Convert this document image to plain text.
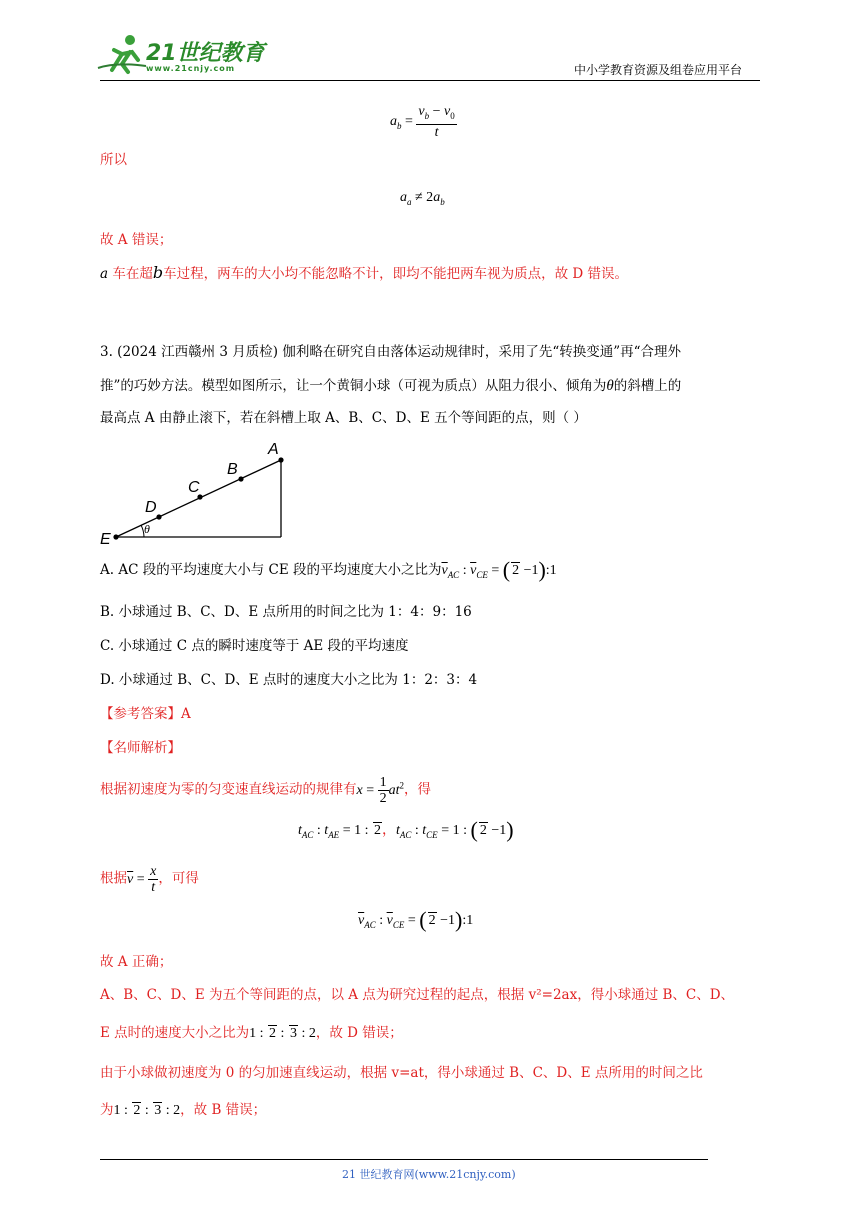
21世纪教育
www.21cnjy.com	中小学教育资源及组卷应用平台
$a_b = \frac{v_b - v_0}{t}$
所以
$a_a \ne 2a_b$
故 A 错误；
a 车在超b车过程，两车的大小均不能忽略不计，即均不能把两车视为质点，故 D 错误。
3. (2024 江西赣州 3 月质检) 伽利略在研究自由落体运动规律时，采用了先“转换变通”再“合理外
推”的巧妙方法。模型如图所示，让一个黄铜小球（可视为质点）从阻力很小、倾角为θ的斜槽上的
最高点 A 由静止滚下，若在斜槽上取 A、B、C、D、E 五个等间距的点，则（ ）
A
B
C
D
E
θ
A. AC 段的平均速度大小与 CE 段的平均速度大小之比为$\overline{v}_{AC}$ : $\overline{v}_{CE}$ = ( 2 −1):1
B. 小球通过 B、C、D、E 点所用的时间之比为 1：4：9：16
C. 小球通过 C 点的瞬时速度等于 AE 段的平均速度
D. 小球通过 B、C、D、E 点时的速度大小之比为 1：2：3：4
【参考答案】A
【名师解析】
根据初速度为零的匀变速直线运动的规律有$x = \frac{1}{2} at^2$，得
$t_{AC}$ : $t_{AE} = 1$ : 2，$t_{AC}$ : $t_{CE} = 1$ : ( 2 −1)
根据$\overline{v} = \frac{x}{t}$ ，可得
$\overline{v}_{AC}$ : $\overline{v}_{CE}$ = ( 2 −1):1
故 A 正确；
A、B、C、D、E 为五个等间距的点，以 A 点为研究过程的起点，根据 v²=2ax，得小球通过 B、C、D、
E 点时的速度大小之比为1 : 2 : 3 : 2，故 D 错误；
由于小球做初速度为 0 的匀加速直线运动，根据 v=at，得小球通过 B、C、D、E 点所用的时间之比
为1 : 2 : 3 : 2，故 B 错误；
21 世纪教育网(www.21cnjy.com)
